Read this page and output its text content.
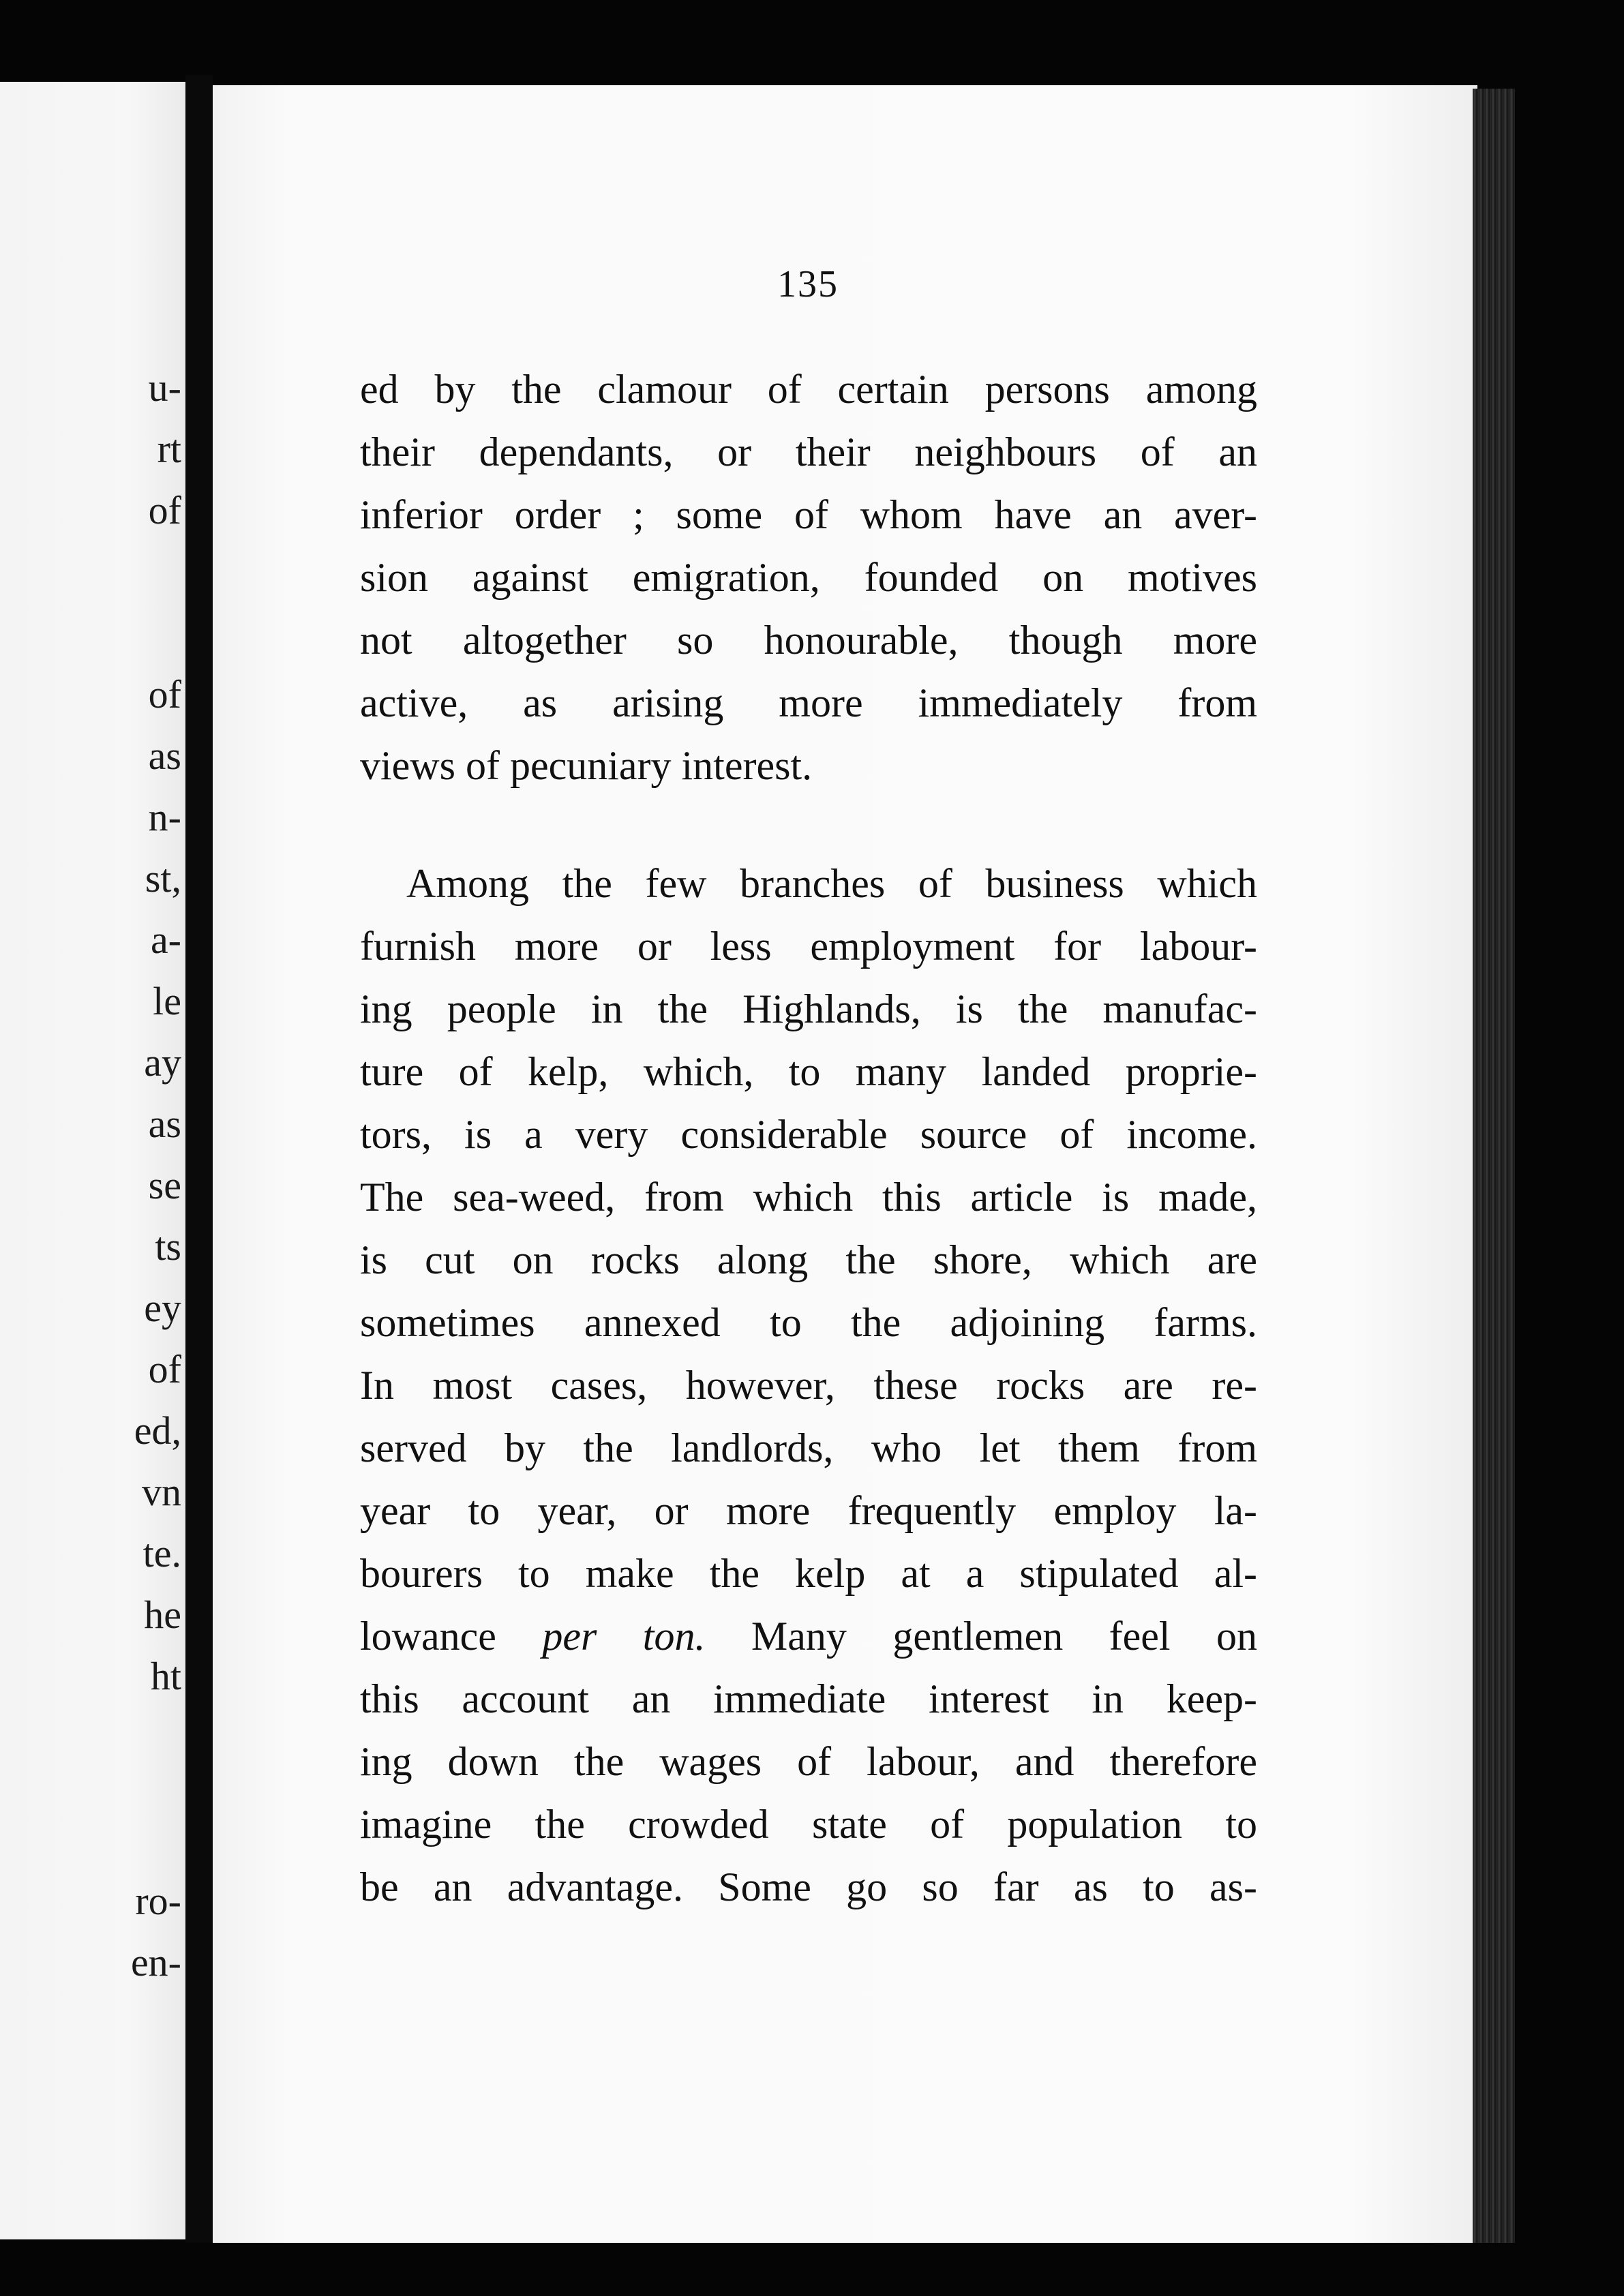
u-

rt

of

of

as

n-

st,

a-

le

ay

as

se

ts

ey

of

ed,

vn

te.

he

ht

ro-

en-

135

ed by the clamour of certain persons among
their dependants, or their neighbours of an
inferior order ; some of whom have an aver-
sion against emigration, founded on motives
not altogether so honourable, though more
active, as arising more immediately from
views of pecuniary interest.
Among the few branches of business which
furnish more or less employment for labour-
ing people in the Highlands, is the manufac-
ture of kelp, which, to many landed proprie-
tors, is a very considerable source of income.
The sea-weed, from which this article is made,
is cut on rocks along the shore, which are
sometimes annexed to the adjoining farms.
In most cases, however, these rocks are re-
served by the landlords, who let them from
year to year, or more frequently employ la-
bourers to make the kelp at a stipulated al-
lowance per ton. Many gentlemen feel on
this account an immediate interest in keep-
ing down the wages of labour, and therefore
imagine the crowded state of population to
be an advantage. Some go so far as to as-
